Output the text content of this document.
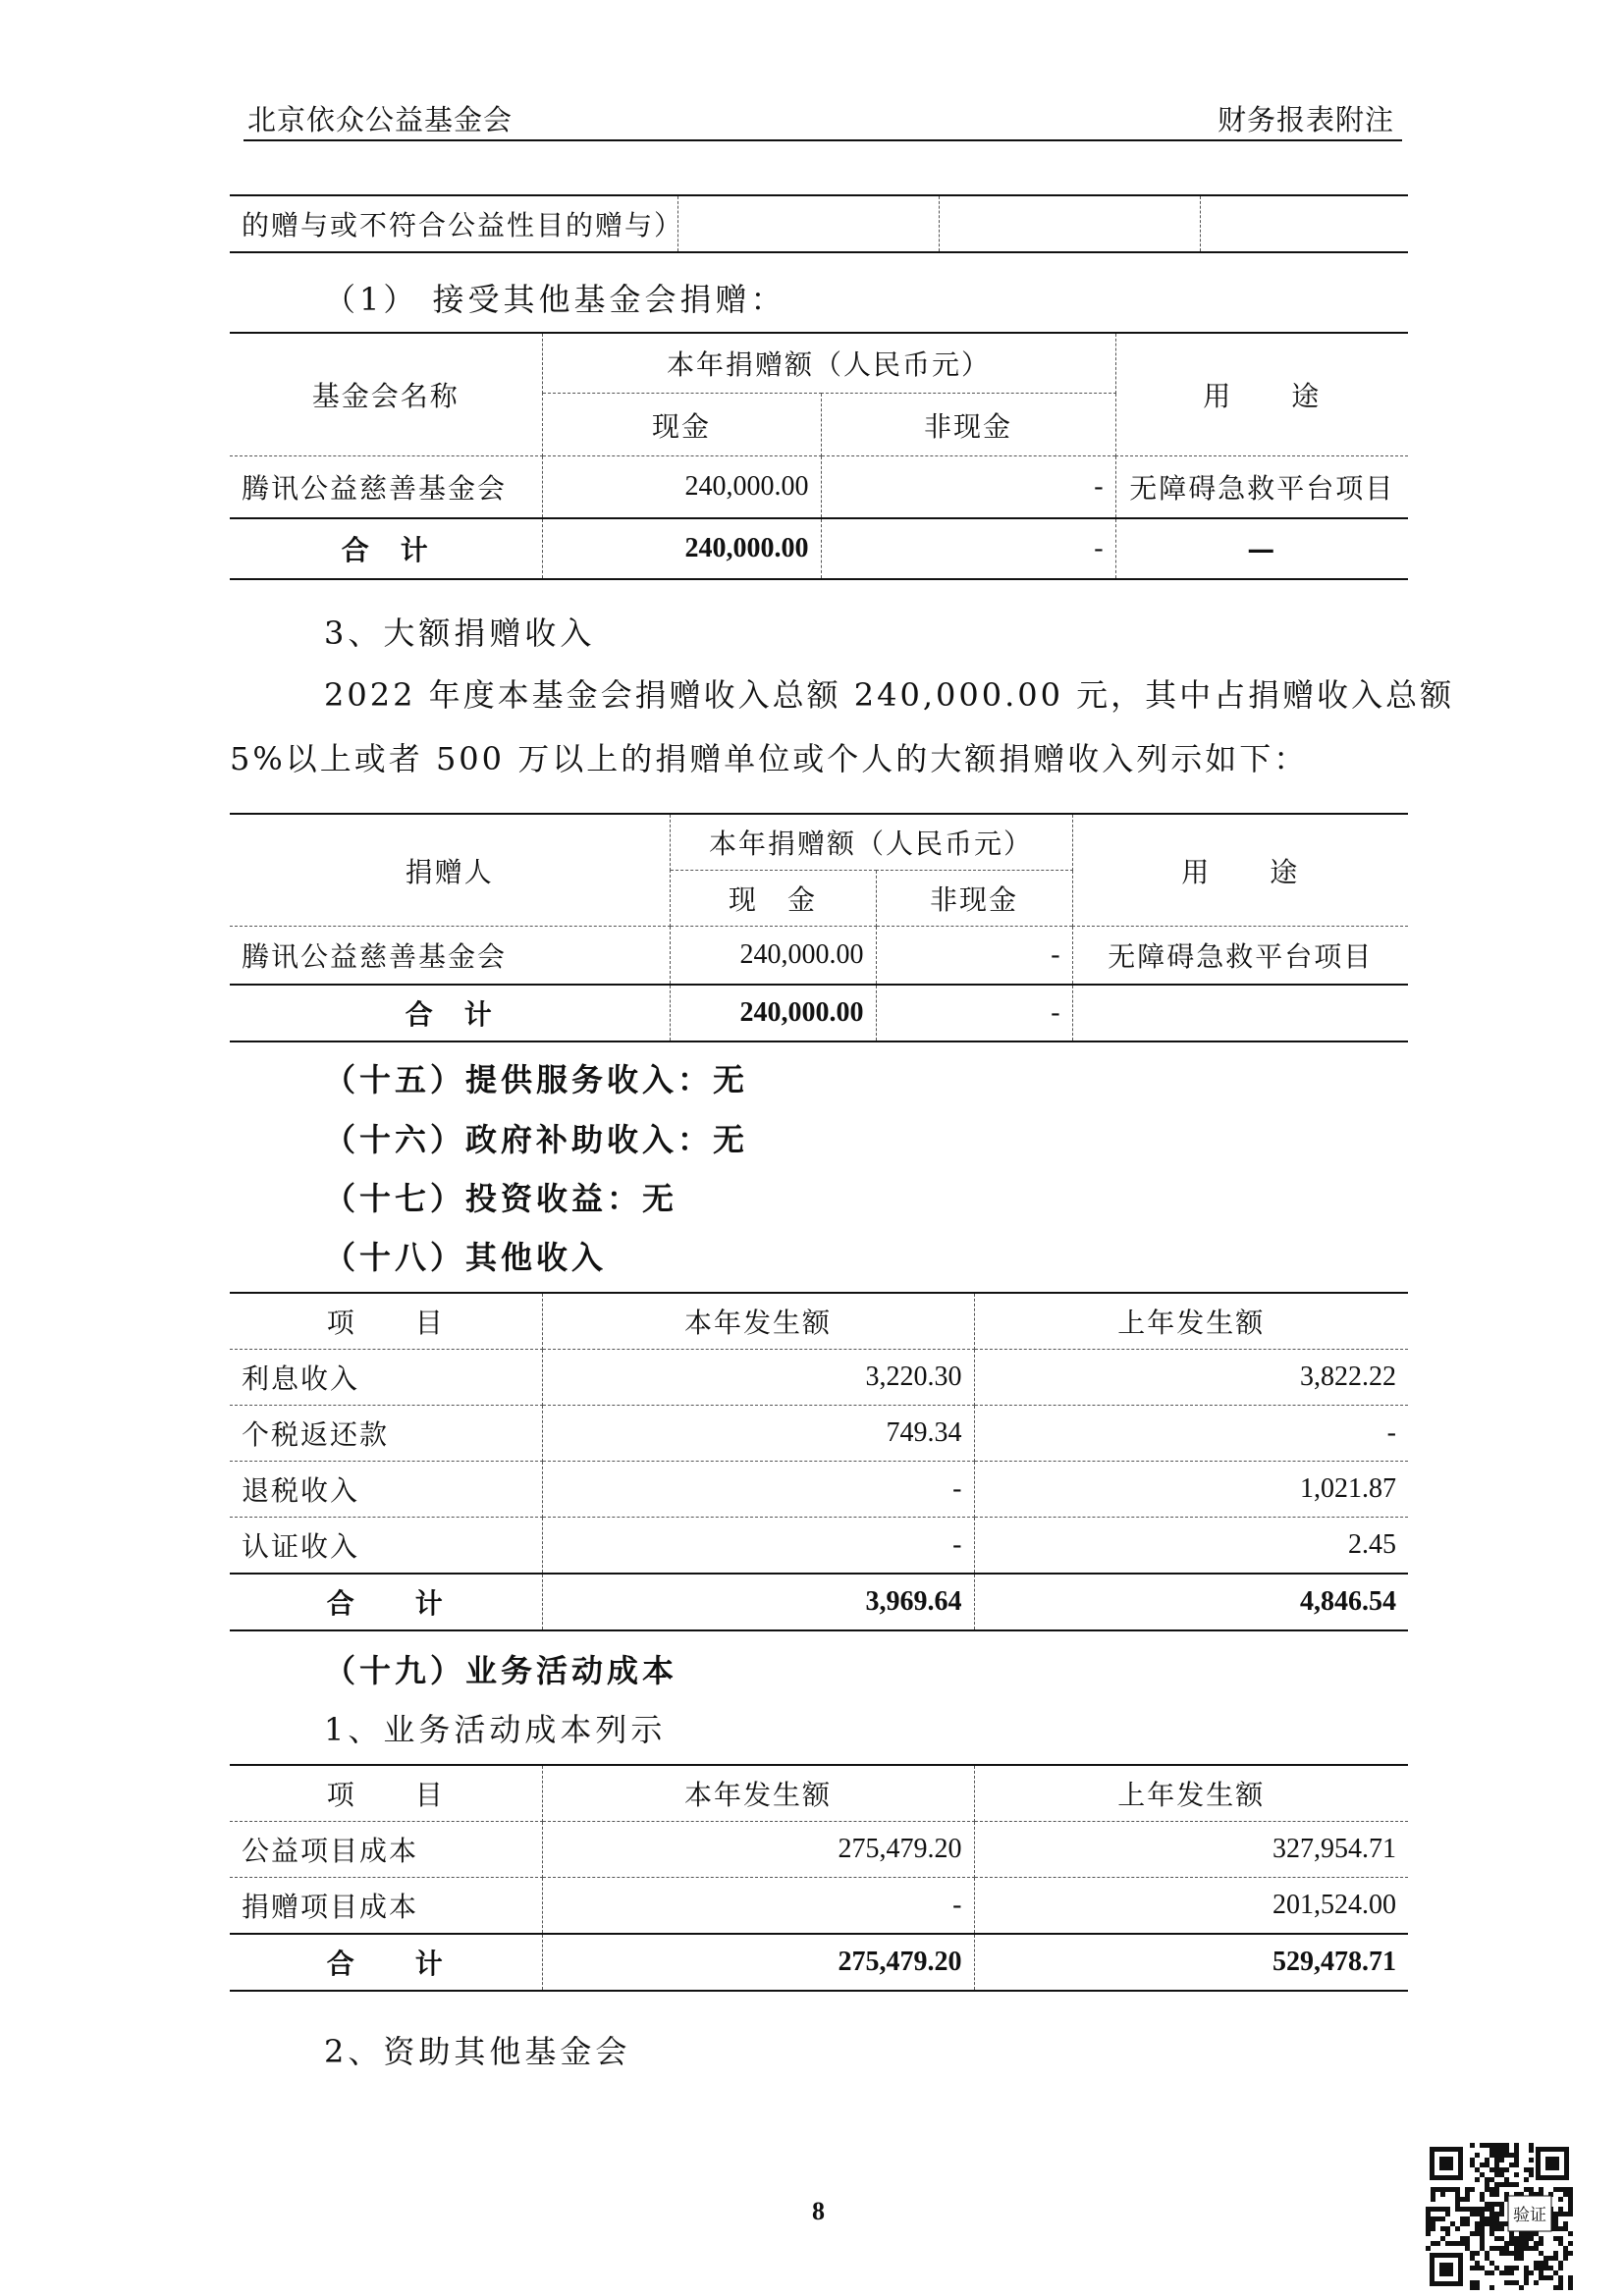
北京依众公益基金会	财务报表附注
的赠与或不符合公益性目的赠与）			
（1） 接受其他基金会捐赠：
基金会名称	本年捐赠额（人民币元）		用　　途
	现金	非现金	
腾讯公益慈善基金会	240,000.00	-	无障碍急救平台项目
合　计	240,000.00	-	—
3、大额捐赠收入
2022 年度本基金会捐赠收入总额 240,000.00 元，其中占捐赠收入总额
5%以上或者 500 万以上的捐赠单位或个人的大额捐赠收入列示如下：
捐赠人	本年捐赠额（人民币元）		用　　途
	现　金	非现金	
腾讯公益慈善基金会	240,000.00	-	无障碍急救平台项目
合　计	240,000.00	-	
（十五）提供服务收入：无
（十六）政府补助收入：无
（十七）投资收益：无
（十八）其他收入
项　　目	本年发生额	上年发生额
利息收入	3,220.30	3,822.22
个税返还款	749.34	-
退税收入	-	1,021.87
认证收入	-	2.45
合　　计	3,969.64	4,846.54
（十九）业务活动成本
1、业务活动成本列示
项　　目	本年发生额	上年发生额
公益项目成本	275,479.20	327,954.71
捐赠项目成本	-	201,524.00
合　　计	275,479.20	529,478.71
2、资助其他基金会
8	验证
